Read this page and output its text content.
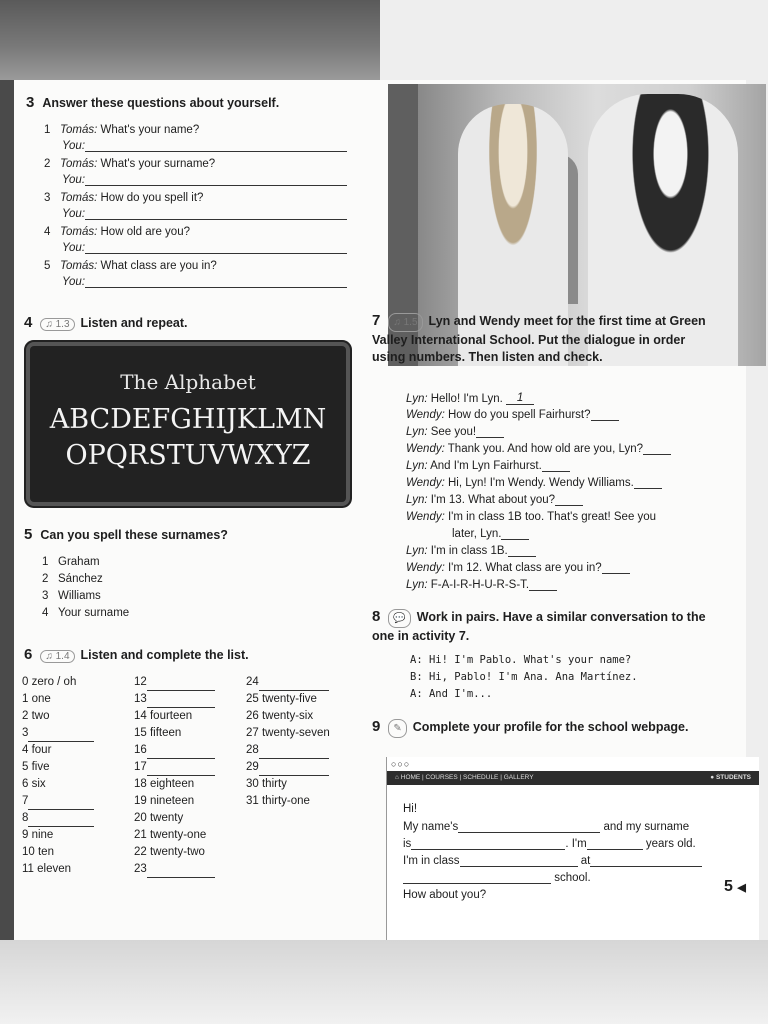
3 Answer these questions about yourself.
1 Tomás: What's your name?
You:
2 Tomás: What's your surname?
You:
3 Tomás: How do you spell it?
You:
4 Tomás: How old are you?
You:
5 Tomás: What class are you in?
You:
4 ♫ 1.3 Listen and repeat.
5 Can you spell these surnames?
1 Graham
2 Sánchez
3 Williams
4 Your surname
6 ♫ 1.4 Listen and complete the list.
0 zero / oh
1 one
2 two
3
4 four
5 five
6 six
7
8
9 nine
10 ten
11 eleven
12
13
14 fourteen
15 fifteen
16
17
18 eighteen
19 nineteen
20 twenty
21 twenty-one
22 twenty-two
23
24
25 twenty-five
26 twenty-six
27 twenty-seven
28
29
30 thirty
31 thirty-one
7 ♫ 1.5 Lyn and Wendy meet for the first time at Green Valley International School. Put the dialogue in order using numbers. Then listen and check.
Lyn: Hello! I'm Lyn. 1
Wendy: How do you spell Fairhurst?
Lyn: See you!
Wendy: Thank you. And how old are you, Lyn?
Lyn: And I'm Lyn Fairhurst.
Wendy: Hi, Lyn! I'm Wendy. Wendy Williams.
Lyn: I'm 13. What about you?
Wendy: I'm in class 1B too. That's great! See you
later, Lyn.
Lyn: I'm in class 1B.
Wendy: I'm 12. What class are you in?
Lyn: F-A-I-R-H-U-R-S-T.
8 💬 Work in pairs. Have a similar conversation to the one in activity 7.
A: Hi! I'm Pablo. What's your name?
B: Hi, Pablo! I'm Ana. Ana Martínez.
A: And I'm...
9 ✎ Complete your profile for the school webpage.
○○○
⌂ HOME | COURSES | SCHEDULE | GALLERY	● STUDENTS
Hi!
My name's	and my surname
is	. I'm	years old.
I'm in class	at
school.
How about you?	5 ◀
The Alphabet
ABCDEFGHIJKLMN
OPQRSTUVWXYZ
